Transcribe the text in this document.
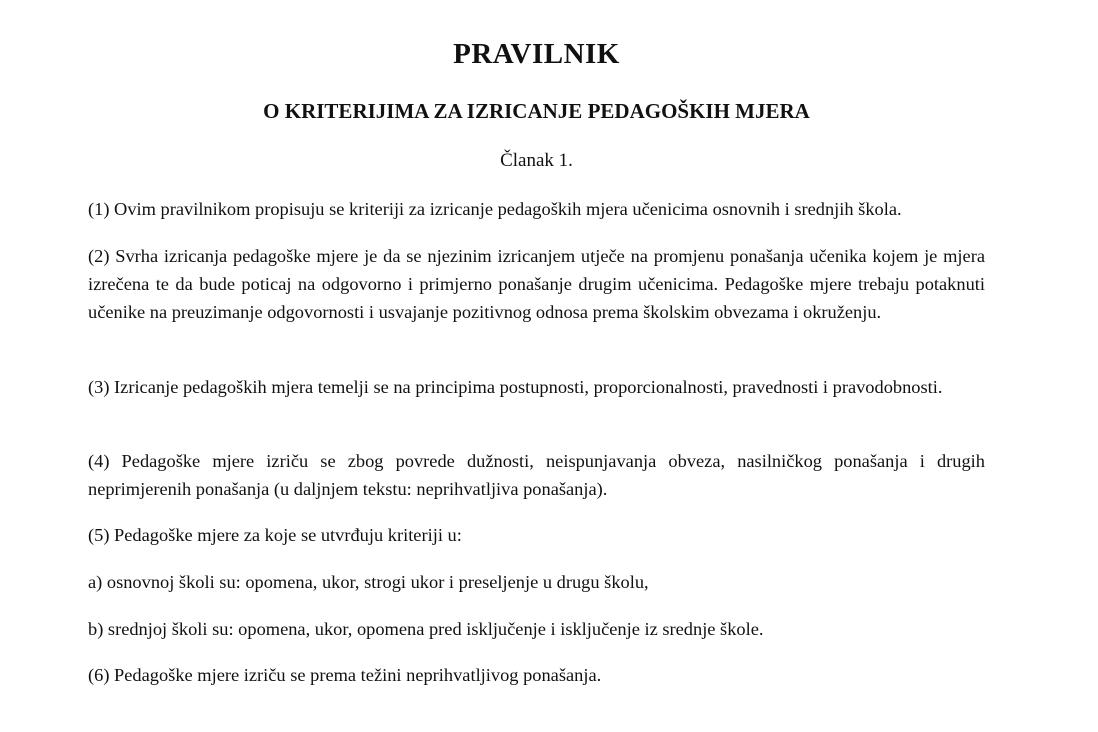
PRAVILNIK
O KRITERIJIMA ZA IZRICANJE PEDAGOŠKIH MJERA
Članak 1.

(1) Ovim pravilnikom propisuju se kriteriji za izricanje pedagoških mjera učenicima osnovnih i srednjih škola.

(2) Svrha izricanja pedagoške mjere je da se njezinim izricanjem utječe na promjenu ponašanja učenika kojem je mjera izrečena te da bude poticaj na odgovorno i primjerno ponašanje drugim učenicima. Pedagoške mjere trebaju potaknuti učenike na preuzimanje odgovornosti i usvajanje pozitivnog odnosa prema školskim obvezama i okruženju.

(3) Izricanje pedagoških mjera temelji se na principima postupnosti, proporcionalnosti, pravednosti i pravodobnosti.

(4) Pedagoške mjere izriču se zbog povrede dužnosti, neispunjavanja obveza, nasilničkog ponašanja i drugih neprimjerenih ponašanja (u daljnjem tekstu: neprihvatljiva ponašanja).

(5) Pedagoške mjere za koje se utvrđuju kriteriji u:

a) osnovnoj školi su: opomena, ukor, strogi ukor i preseljenje u drugu školu,

b) srednjoj školi su: opomena, ukor, opomena pred isključenje i isključenje iz srednje škole.

(6) Pedagoške mjere izriču se prema težini neprihvatljivog ponašanja.
